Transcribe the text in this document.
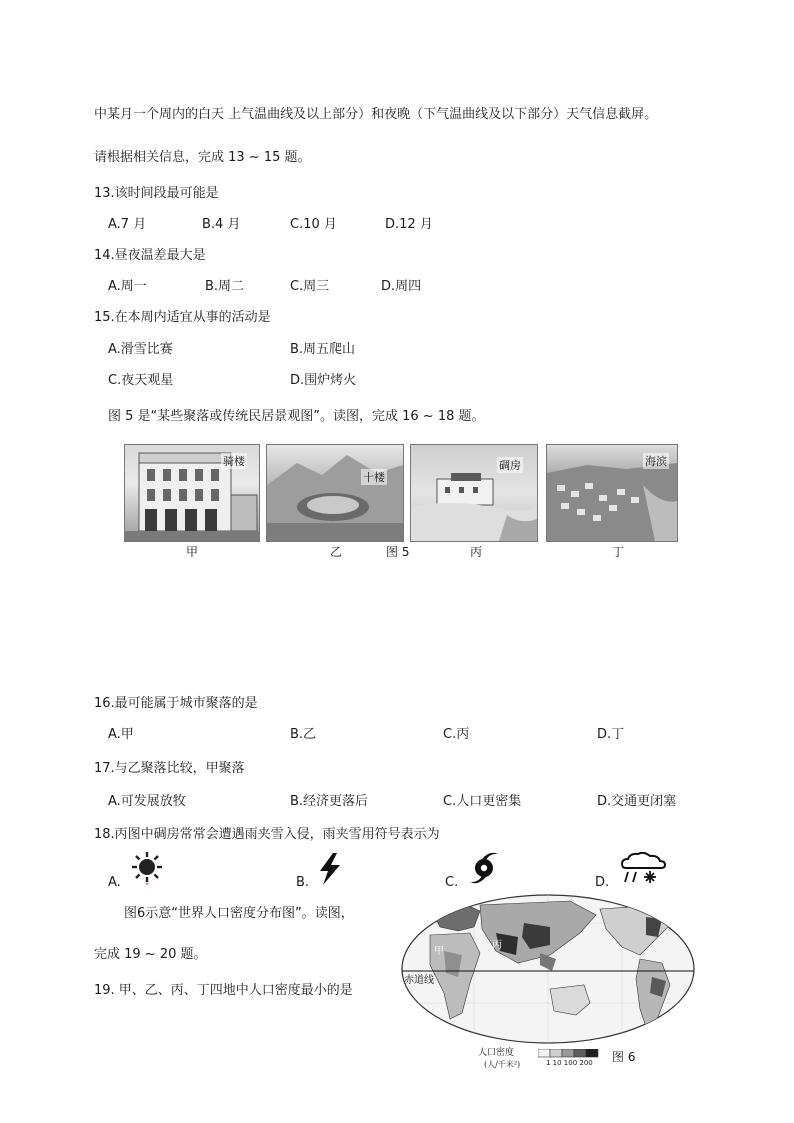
中某月一个周内的白天 上气温曲线及以上部分）和夜晚（下气温曲线及以下部分）天气信息截屏。
请根据相关信息，完成 13 ~ 15 题。
13.该时间段最可能是
A.7 月	B.4 月	C.10 月	D.12 月
14.昼夜温差最大是
A.周一	B.周二	C.周三	D.周四
15.在本周内适宜从事的活动是
A.滑雪比赛	B.周五爬山
C.夜天观星	D.围炉烤火
图 5 是“某些聚落或传统民居景观图”。读图，完成 16 ~ 18 题。
骑楼
十楼
碉房	海滨
甲	乙	图 5	丙	丁
16.最可能属于城市聚落的是
A.甲	B.乙	C.丙	D.丁
17.与乙聚落比较，甲聚落
A.可发展放牧	B.经济更落后	C.人口更密集	D.交通更闭塞
18.丙图中碉房常常会遭遇雨夹雪入侵，雨夹雪用符号表示为
A.	B.	C.	D.
图6示意“世界人口密度分布图”。读图，
完成 19 ~ 20 题。
19. 甲、乙、丙、丁四地中人口密度最小的是
甲
丙
赤道线
人口密度
(人/千米²)	1 10 100 200 图 6
